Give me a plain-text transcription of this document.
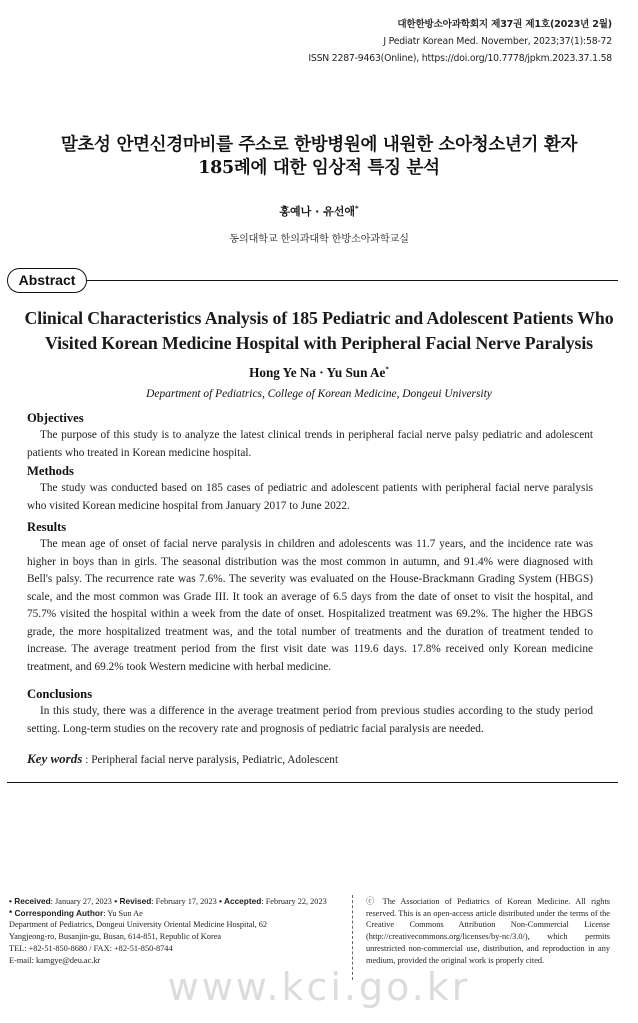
대한한방소아과학회지 제37권 제1호(2023년 2월)
J Pediatr Korean Med. November, 2023;37(1):58-72
ISSN 2287-9463(Online), https://doi.org/10.7778/jpkm.2023.37.1.58
말초성 안면신경마비를 주소로 한방병원에 내원한 소아청소년기 환자
185례에 대한 임상적 특징 분석
홍예나 · 유선애*
동의대학교 한의과대학 한방소아과학교실
Abstract
Clinical Characteristics Analysis of 185 Pediatric and Adolescent Patients Who
Visited Korean Medicine Hospital with Peripheral Facial Nerve Paralysis
Hong Ye Na · Yu Sun Ae*
Department of Pediatrics, College of Korean Medicine, Dongeui University
Objectives

The purpose of this study is to analyze the latest clinical trends in peripheral facial nerve palsy pediatric and adolescent patients who treated in Korean medicine hospital.

Methods

The study was conducted based on 185 cases of pediatric and adolescent patients with peripheral facial nerve paralysis who visited Korean medicine hospital from January 2017 to June 2022.

Results

The mean age of onset of facial nerve paralysis in children and adolescents was 11.7 years, and the incidence rate was higher in boys than in girls. The seasonal distribution was the most common in autumn, and 91.4% were diagnosed with Bell's palsy. The recurrence rate was 7.6%. The severity was evaluated on the House-Brackmann Grading System (HBGS) scale, and the most common was Grade III. It took an average of 6.5 days from the date of onset to visit the hospital, and 75.7% visited the hospital within a week from the date of onset. Hospitalized treatment was 69.2%. The higher the HBGS grade, the more hospitalized treatment was, and the total number of treatments and the duration of treatment tended to increase. The average treatment period from the first visit date was 119.6 days. 17.8% received only Korean medicine treatment, and 69.2% took Western medicine with herbal medicine.

Conclusions

In this study, there was a difference in the average treatment period from previous studies according to the study period setting. Long-term studies on the recovery rate and prognosis of pediatric facial paralysis are needed.

Key words : Peripheral facial nerve paralysis, Pediatric, Adolescent
• Received: January 27, 2023 • Revised: February 17, 2023 • Accepted: February 22, 2023
* Corresponding Author: Yu Sun Ae
Department of Pediatrics, Dongeui University Oriental Medicine Hospital, 62
Yangjeong-ro, Busanjin-gu, Busan, 614-851, Republic of Korea
TEL: +82-51-850-8680 / FAX: +82-51-850-8744
E-mail: kamgye@deu.ac.kr
ⓒ The Association of Pediatrics of Korean Medicine. All rights reserved. This is an open-access article distributed under the terms of the Creative Commons Attribution Non-Commercial License (http://creativecommons.org/licenses/by-nc/3.0/), which permits unrestricted non-commercial use, distribution, and reproduction in any medium, provided the original work is properly cited.
www.kci.go.kr
